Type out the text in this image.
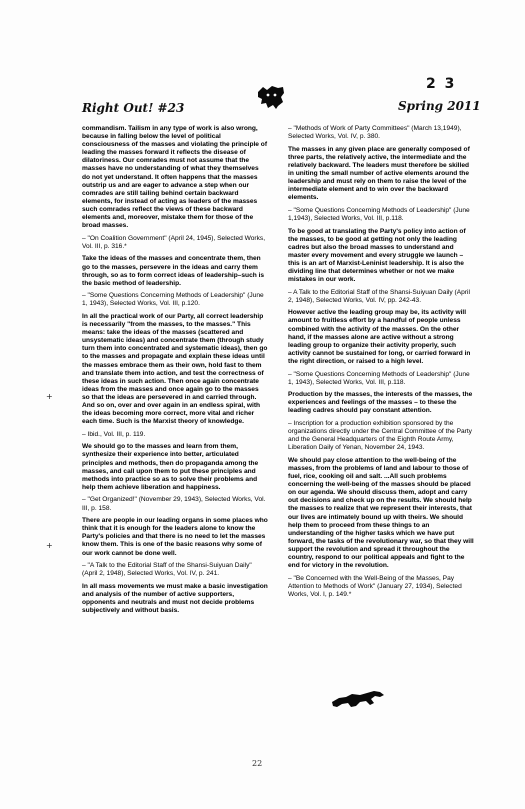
Right Out! #23
2 3
Spring 2011
+
+

commandism. Tailism in any type of work is also wrong, because in falling below the level of political consciousness of the masses and violating the principle of leading the masses forward it reflects the disease of dilatoriness. Our comrades must not assume that the masses have no understanding of what they themselves do not yet understand. It often happens that the masses outstrip us and are eager to advance a step when our comrades are still tailing behind certain backward elements, for instead of acting as leaders of the masses such comrades reflect the views of these backward elements and, moreover, mistake them for those of the broad masses.

– "On Coalition Government" (April 24, 1945), Selected Works, Vol. III, p. 316.*

Take the ideas of the masses and concentrate them, then go to the masses, persevere in the ideas and carry them through, so as to form correct ideas of leadership–such is the basic method of leadership.

– "Some Questions Concerning Methods of Leadership" (June 1, 1943), Selected Works, Vol. III, p.120.

In all the practical work of our Party, all correct leadership is necessarily "from the masses, to the masses." This means: take the ideas of the masses (scattered and unsystematic ideas) and concentrate them (through study turn them into concentrated and systematic ideas), then go to the masses and propagate and explain these ideas until the masses embrace them as their own, hold fast to them and translate them into action, and test the correctness of these ideas in such action. Then once again concentrate ideas from the masses and once again go to the masses so that the ideas are persevered in and carried through. And so on, over and over again in an endless spiral, with the ideas becoming more correct, more vital and richer each time. Such is the Marxist theory of knowledge.

– Ibid., Vol. III, p. 119.

We should go to the masses and learn from them, synthesize their experience into better, articulated principles and methods, then do propaganda among the masses, and call upon them to put these principles and methods into practice so as to solve their problems and help them achieve liberation and happiness.

– "Get Organized!" (November 29, 1943), Selected Works, Vol. III, p. 158.

There are people in our leading organs in some places who think that it is enough for the leaders alone to know the Party's policies and that there is no need to let the masses know them. This is one of the basic reasons why some of our work cannot be done well.

– "A Talk to the Editorial Staff of the Shansi-Suiyuan Daily" (April 2, 1948), Selected Works, Vol. IV, p. 241.

In all mass movements we must make a basic investigation and analysis of the number of active supporters, opponents and neutrals and must not decide problems subjectively and without basis.

– "Methods of Work of Party Committees" (March 13,1949), Selected Works, Vol. IV, p. 380.

The masses in any given place are generally composed of three parts, the relatively active, the intermediate and the relatively backward. The leaders must therefore be skilled in uniting the small number of active elements around the leadership and must rely on them to raise the level of the intermediate element and to win over the backward elements.

– "Some Questions Concerning Methods of Leadership" (June 1,1943), Selected Works, Vol. III, p.118.

To be good at translating the Party's policy into action of the masses, to be good at getting not only the leading cadres but also the broad masses to understand and master every movement and every struggle we launch – this is an art of Marxist-Leninist leadership. It is also the dividing line that determines whether or not we make mistakes in our work.

– A Talk to the Editorial Staff of the Shansi-Suiyuan Daily (April 2, 1948), Selected Works, Vol. IV, pp. 242-43.

However active the leading group may be, its activity will amount to fruitless effort by a handful of people unless combined with the activity of the masses. On the other hand, if the masses alone are active without a strong leading group to organize their activity properly, such activity cannot be sustained for long, or carried forward in the right direction, or raised to a high level.

– "Some Questions Concerning Methods of Leadership" (June 1, 1943), Selected Works, Vol. III, p.118.

Production by the masses, the interests of the masses, the experiences and feelings of the masses – to these the leading cadres should pay constant attention.

– Inscription for a production exhibition sponsored by the organizations directly under the Central Committee of the Party and the General Headquarters of the Eighth Route Army, Liberation Daily of Yenan, November 24, 1943.

We should pay close attention to the well-being of the masses, from the problems of land and labour to those of fuel, rice, cooking oil and salt. ...All such problems concerning the well-being of the masses should be placed on our agenda. We should discuss them, adopt and carry out decisions and check up on the results. We should help the masses to realize that we represent their interests, that our lives are intimately bound up with theirs. We should help them to proceed from these things to an understanding of the higher tasks which we have put forward, the tasks of the revolutionary war, so that they will support the revolution and spread it throughout the country, respond to our political appeals and fight to the end for victory in the revolution.

– "Be Concerned with the Well-Being of the Masses, Pay Attention to Methods of Work" (January 27, 1934), Selected Works, Vol. I, p. 149.*

22
